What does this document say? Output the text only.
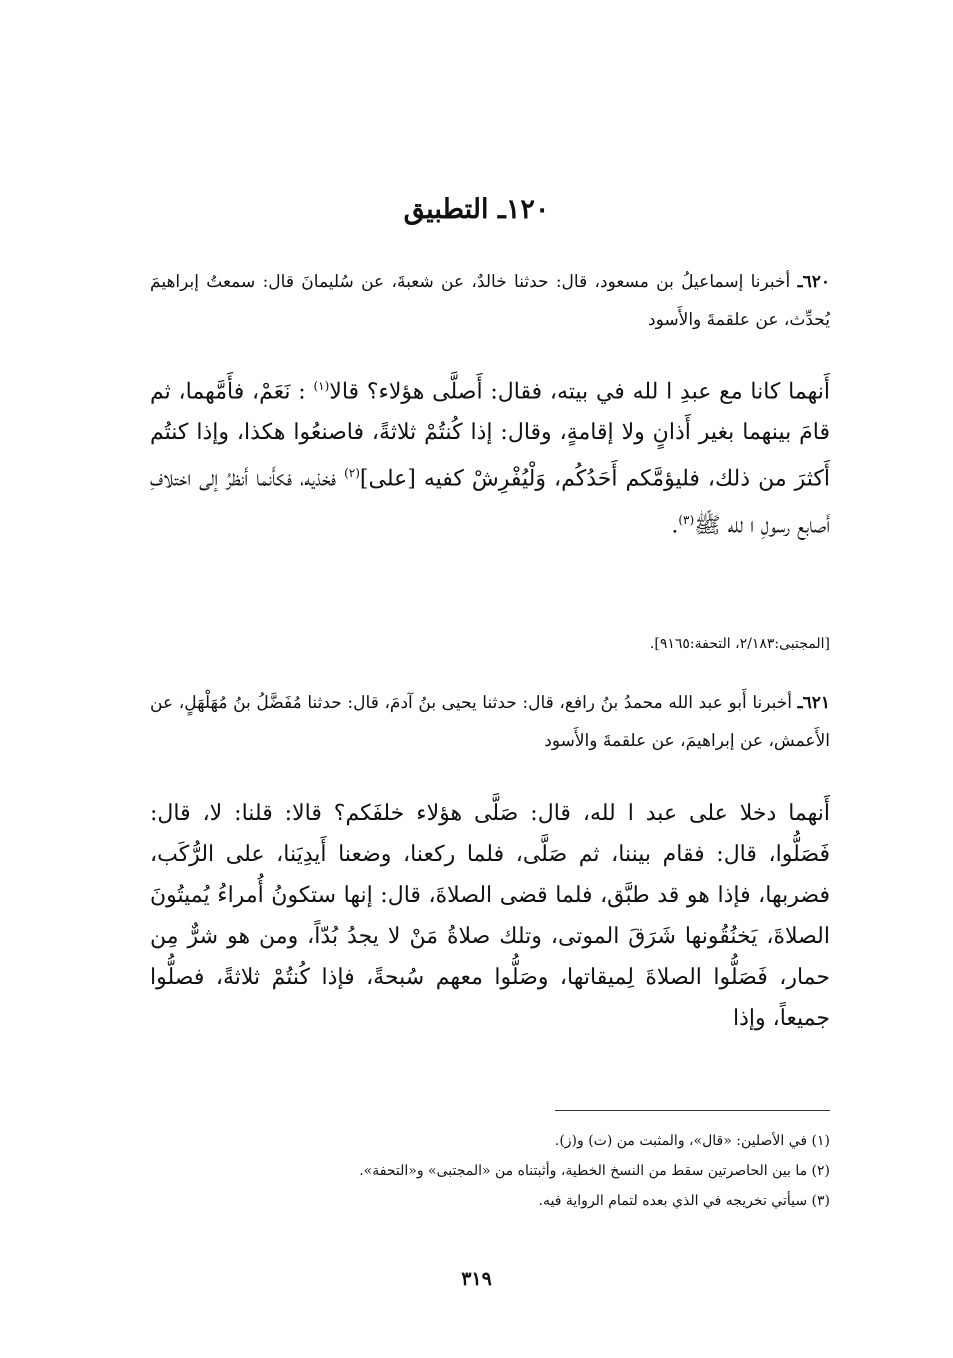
١٢٠ـ التطبيق
٦٢٠ـ أخبرنا إسماعيلُ بن مسعود، قال: حدثنا خالدٌ، عن شعبةَ، عن سُليمانَ قال: سمعتُ إبراهيمَ يُحدِّث، عن علقمةَ والأَسود
أَنهما كانا مع عبدِ ا لله في بيته، فقال: أَصلَّى هؤلاء؟ قالا$^{(١)}$ : نَعَمْ، فأَمَّهما، ثم قامَ بينهما بغير أَذانٍ ولا إقامةٍ، وقال: إذا كُنتُمْ ثلاثةً، فاصنعُوا هكذا، وإذا كنتُم أَكثرَ من ذلك، فليؤمَّكم أَحَدُكُم، وَلْيُفْرِشْ كفيه [على]$^{(٢)}$ فخذيه، فكأَنما أَنظرُ إلى اختلافِ أَصابع رسولِ ا لله ﷺ$^{(٣)}$.
[المجتبى:٢/١٨٣، التحفة:٩١٦٥].
٦٢١ـ أخبرنا أَبو عبد الله محمدُ بنُ رافع، قال: حدثنا يحيى بنُ آدمَ، قال: حدثنا مُفَضَّلُ بنُ مُهَلْهَلٍ، عن الأَعمش، عن إبراهيمَ، عن علقمةَ والأَسود
أَنهما دخلا على عبد ا لله، قال: صَلَّى هؤلاء خلفَكم؟ قالا: قلنا: لا، قال: فَصَلُّوا، قال: فقام بيننا، ثم صَلَّى، فلما ركعنا، وضعنا أَيدِيَنا، على الرُّكَب، فضربها، فإذا هو قد طبَّق، فلما قضى الصلاةَ، قال: إنها ستكونُ أُمراءُ يُميتُونَ الصلاةَ، يَخنُقُونها شَرَقَ الموتى، وتلك صلاةُ مَنْ لا يجدُ بُدّاً، ومن هو شرٌّ مِن حمار، فَصَلُّوا الصلاةَ لِميقاتها، وصَلُّوا معهم سُبحةً، فإذا كُنتُمْ ثلاثةً، فصلُّوا جميعاً، وإذا

(١) في الأصلين: «قال»، والمثبت من (ت) و(ز).

(٢) ما بين الحاصرتين سقط من النسخ الخطية، وأثبتناه من «المجتبى» و«التحفة».

(٣) سيأتي تخريجه في الذي بعده لتمام الرواية فيه.

٣١٩
